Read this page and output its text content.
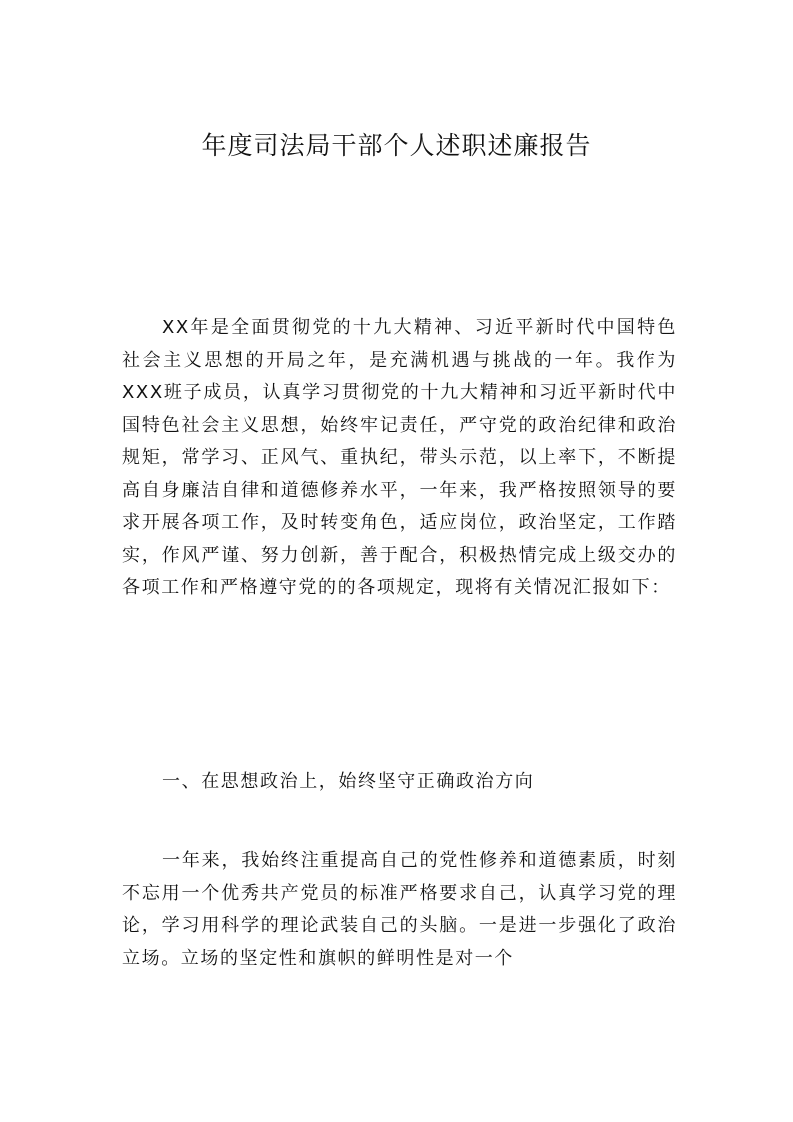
年度司法局干部个人述职述廉报告

XX年是全面贯彻党的十九大精神、习近平新时代中国特色社会主义思想的开局之年，是充满机遇与挑战的一年。我作为XXX班子成员，认真学习贯彻党的十九大精神和习近平新时代中国特色社会主义思想，始终牢记责任，严守党的政治纪律和政治规矩，常学习、正风气、重执纪，带头示范，以上率下，不断提高自身廉洁自律和道德修养水平，一年来，我严格按照领导的要求开展各项工作，及时转变角色，适应岗位，政治坚定，工作踏实，作风严谨、努力创新，善于配合，积极热情完成上级交办的各项工作和严格遵守党的的各项规定，现将有关情况汇报如下：

一、在思想政治上，始终坚守正确政治方向

一年来，我始终注重提高自己的党性修养和道德素质，时刻不忘用一个优秀共产党员的标准严格要求自己，认真学习党的理论，学习用科学的理论武装自己的头脑。一是进一步强化了政治立场。立场的坚定性和旗帜的鲜明性是对一个
